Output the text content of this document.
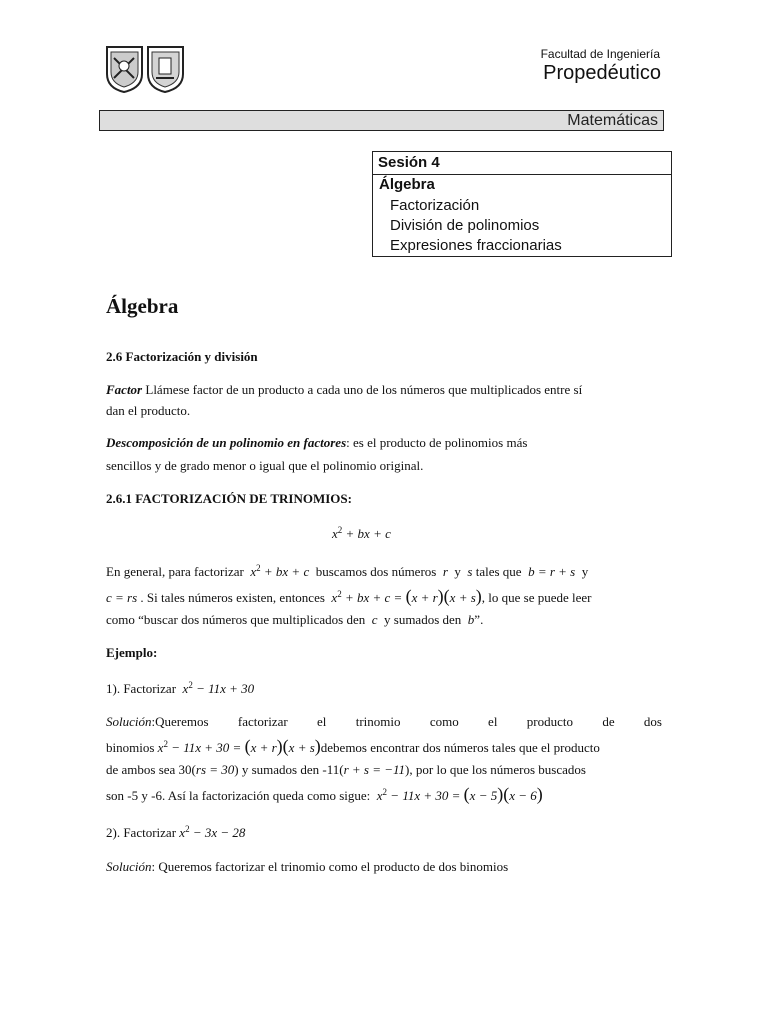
Facultad de Ingeniería
Propedéutico
Matemáticas
Sesión 4
Álgebra
Factorización
División de polinomios
Expresiones fraccionarias
Álgebra
2.6 Factorización y división
Factor Llámese factor de un producto a cada uno de los números que multiplicados entre sí
dan el producto.
Descomposición de un polinomio en factores: es el producto de polinomios más
sencillos y de grado menor o igual que el polinomio original.
2.6.1 FACTORIZACIÓN DE TRINOMIOS:
$x^2$ + bx + c
En general, para factorizar  $x^2$ + bx + c  buscamos dos números  r  y  s tales que  b = r + s  y
c = rs . Si tales números existen, entonces  $x^2$ + bx + c = (x + r)(x + s), lo que se puede leer
como “buscar dos números que multiplicados den  c  y sumados den  b”.
Ejemplo:
1). Factorizar  $x^2 - 11x + 30$
Solución:Queremos factorizar el trinomio como el producto de dos
binomios $x^2 - 11x + 30 = (x + r)(x$ + s)debemos encontrar dos números tales que el producto
de ambos sea 30(rs = 30) y sumados den -11(r + s = −11), por lo que los números buscados
son -5 y -6. Así la factorización queda como sigue:  $x^2 - 11x + 30 = (x - 5)(x - 6)$
2). Factorizar $x^2 - 3x - 28$
Solución: Queremos factorizar el trinomio como el producto de dos binomios
